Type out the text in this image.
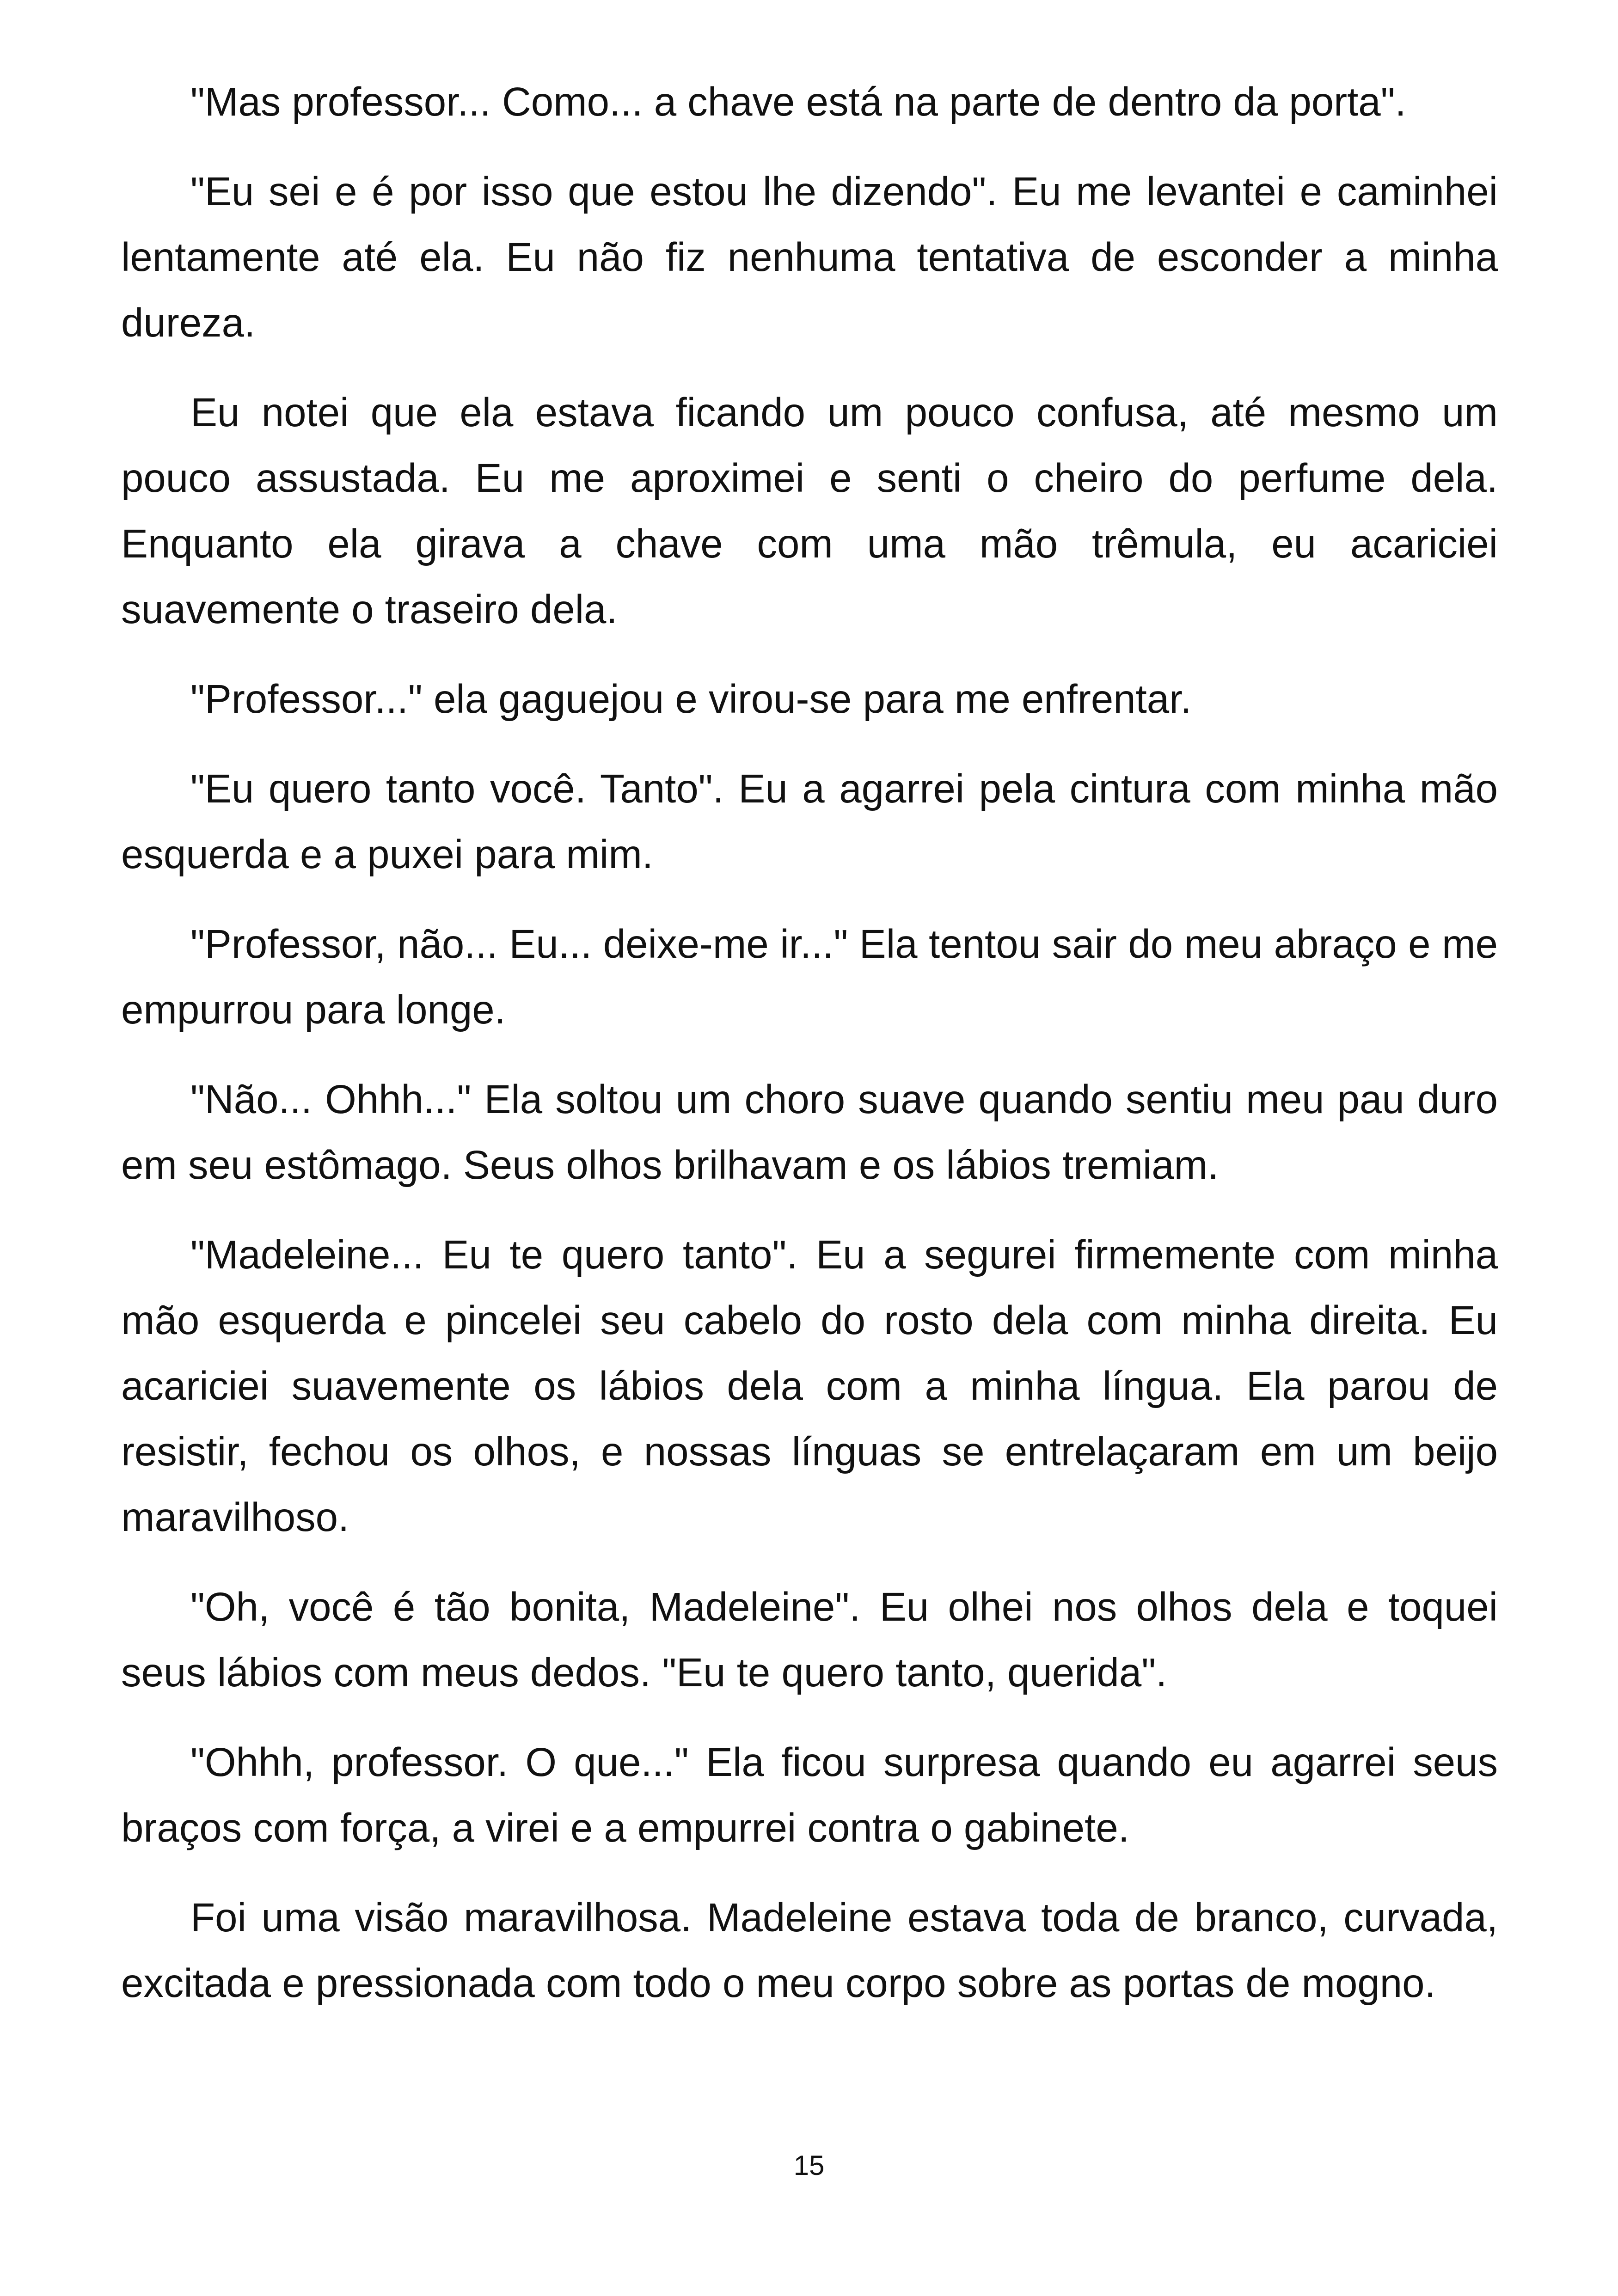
"Mas professor... Como... a chave está na parte de dentro da porta".

"Eu sei e é por isso que estou lhe dizendo". Eu me levantei e caminhei lentamente até ela. Eu não fiz nenhuma tentativa de esconder a minha dureza.

Eu notei que ela estava ficando um pouco confusa, até mesmo um pouco assustada. Eu me aproximei e senti o cheiro do perfume dela. Enquanto ela girava a chave com uma mão trêmula, eu acariciei suavemente o traseiro dela.

"Professor..." ela gaguejou e virou-se para me enfrentar.

"Eu quero tanto você. Tanto". Eu a agarrei pela cintura com minha mão esquerda e a puxei para mim.

"Professor, não... Eu... deixe-me ir..." Ela tentou sair do meu abraço e me empurrou para longe.

"Não... Ohhh..." Ela soltou um choro suave quando sentiu meu pau duro em seu estômago. Seus olhos brilhavam e os lábios tremiam.

"Madeleine... Eu te quero tanto". Eu a segurei firmemente com minha mão esquerda e pincelei seu cabelo do rosto dela com minha direita. Eu acariciei suavemente os lábios dela com a minha língua. Ela parou de resistir, fechou os olhos, e nossas línguas se entrelaçaram em um beijo maravilhoso.

"Oh, você é tão bonita, Madeleine". Eu olhei nos olhos dela e toquei seus lábios com meus dedos. "Eu te quero tanto, querida".

"Ohhh, professor. O que..." Ela ficou surpresa quando eu agarrei seus braços com força, a virei e a empurrei contra o gabinete.

Foi uma visão maravilhosa. Madeleine estava toda de branco, curvada, excitada e pressionada com todo o meu corpo sobre as portas de mogno.

15
